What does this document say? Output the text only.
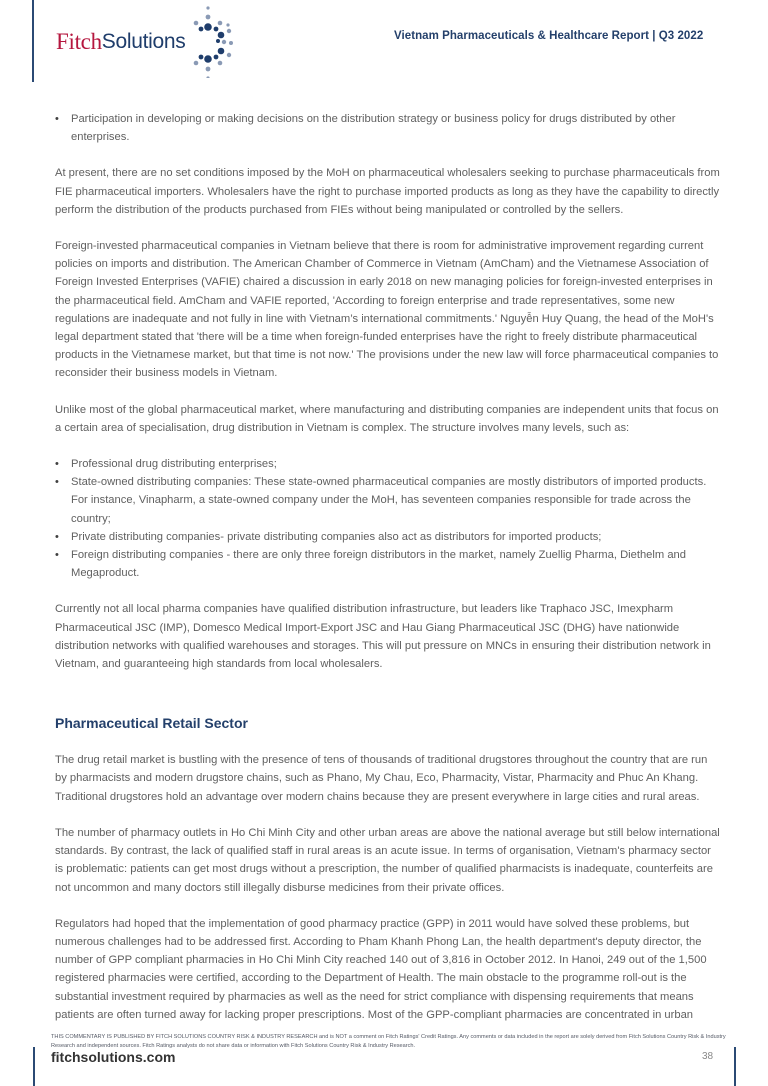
Fitch Solutions	Vietnam Pharmaceuticals & Healthcare Report | Q3 2022
• Participation in developing or making decisions on the distribution strategy or business policy for drugs distributed by other enterprises.

At present, there are no set conditions imposed by the MoH on pharmaceutical wholesalers seeking to purchase pharmaceuticals from FIE pharmaceutical importers. Wholesalers have the right to purchase imported products as long as they have the capability to directly perform the distribution of the products purchased from FIEs without being manipulated or controlled by the sellers.

Foreign-invested pharmaceutical companies in Vietnam believe that there is room for administrative improvement regarding current policies on imports and distribution. The American Chamber of Commerce in Vietnam (AmCham) and the Vietnamese Association of Foreign Invested Enterprises (VAFIE) chaired a discussion in early 2018 on new managing policies for foreign-invested enterprises in the pharmaceutical field. AmCham and VAFIE reported, 'According to foreign enterprise and trade representatives, some new regulations are inadequate and not fully in line with Vietnam’s international commitments.' Nguyễn Huy Quang, the head of the MoH's legal department stated that 'there will be a time when foreign-funded enterprises have the right to freely distribute pharmaceutical products in the Vietnamese market, but that time is not now.' The provisions under the new law will force pharmaceutical companies to reconsider their business models in Vietnam.

Unlike most of the global pharmaceutical market, where manufacturing and distributing companies are independent units that focus on a certain area of specialisation, drug distribution in Vietnam is complex. The structure involves many levels, such as:

• Professional drug distributing enterprises;
• State-owned distributing companies: These state-owned pharmaceutical companies are mostly distributors of imported products. For instance, Vinapharm, a state-owned company under the MoH, has seventeen companies responsible for trade across the country;
• Private distributing companies- private distributing companies also act as distributors for imported products;
• Foreign distributing companies - there are only three foreign distributors in the market, namely Zuellig Pharma, Diethelm and Megaproduct.

Currently not all local pharma companies have qualified distribution infrastructure, but leaders like Traphaco JSC, Imexpharm Pharmaceutical JSC (IMP), Domesco Medical Import-Export JSC and Hau Giang Pharmaceutical JSC (DHG) have nationwide distribution networks with qualified warehouses and storages. This will put pressure on MNCs in ensuring their distribution network in Vietnam, and guaranteeing high standards from local wholesalers.

Pharmaceutical Retail Sector

The drug retail market is bustling with the presence of tens of thousands of traditional drugstores throughout the country that are run by pharmacists and modern drugstore chains, such as Phano, My Chau, Eco, Pharmacity, Vistar, Pharmacity and Phuc An Khang. Traditional drugstores hold an advantage over modern chains because they are present everywhere in large cities and rural areas.

The number of pharmacy outlets in Ho Chi Minh City and other urban areas are above the national average but still below international standards. By contrast, the lack of qualified staff in rural areas is an acute issue. In terms of organisation, Vietnam's pharmacy sector is problematic: patients can get most drugs without a prescription, the number of qualified pharmacists is inadequate, counterfeits are not uncommon and many doctors still illegally disburse medicines from their private offices.

Regulators had hoped that the implementation of good pharmacy practice (GPP) in 2011 would have solved these problems, but numerous challenges had to be addressed first. According to Pham Khanh Phong Lan, the health department's deputy director, the number of GPP compliant pharmacies in Ho Chi Minh City reached 140 out of 3,816 in October 2012. In Hanoi, 249 out of the 1,500 registered pharmacies were certified, according to the Department of Health. The main obstacle to the programme roll-out is the substantial investment required by pharmacies as well as the need for strict compliance with dispensing requirements that means patients are often turned away for lacking proper prescriptions. Most of the GPP-compliant pharmacies are concentrated in urban

THIS COMMENTARY IS PUBLISHED BY FITCH SOLUTIONS COUNTRY RISK & INDUSTRY RESEARCH and is NOT a comment on Fitch Ratings' Credit Ratings. Any comments or data included in the report are solely derived from Fitch Solutions Country Risk & Industry Research and independent sources. Fitch Ratings analysts do not share data or information with Fitch Solutions Country Risk & Industry Research.
fitchsolutions.com	38
